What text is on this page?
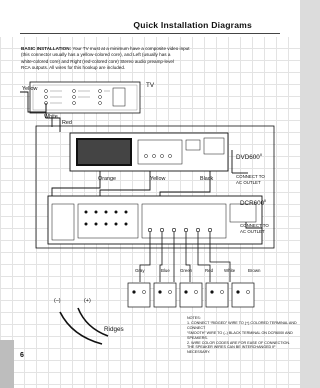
Quick Installation Diagrams

BASIC INSTALLATION: Your TV must at a minimum have a composite video input

(this connector usually has a yellow-colored core), and Left (usually has a

white-colored core) and Right (red-colored core) Stereo audio preamp-level

RCA outputs. All wires for this hookup are included.

Yellow
White
Red
TV
$DVD600^{II}$
CONNECT TO
AC OUTLET
Orange	Yellow	Black
$DCR600^{II}$
CONNECT TO
AC OUTLET
Gray	Blue Green	Red White	Brown
(–)	(+)
Ridges

NOTES:

1. CONNECT “RIDGED” WIRE TO (+) COLORED TERMINAL AND CONNECT

“SMOOTH” WIRE TO (–) BLACK TERMINAL ON DCR600II AND SPEAKERS.

2. WIRE COLOR CODES ARE FOR EASE OF CONNECTION.

THE SPEAKER WIRES CAN BE INTERCHANGED IF NECESSARY.

6
